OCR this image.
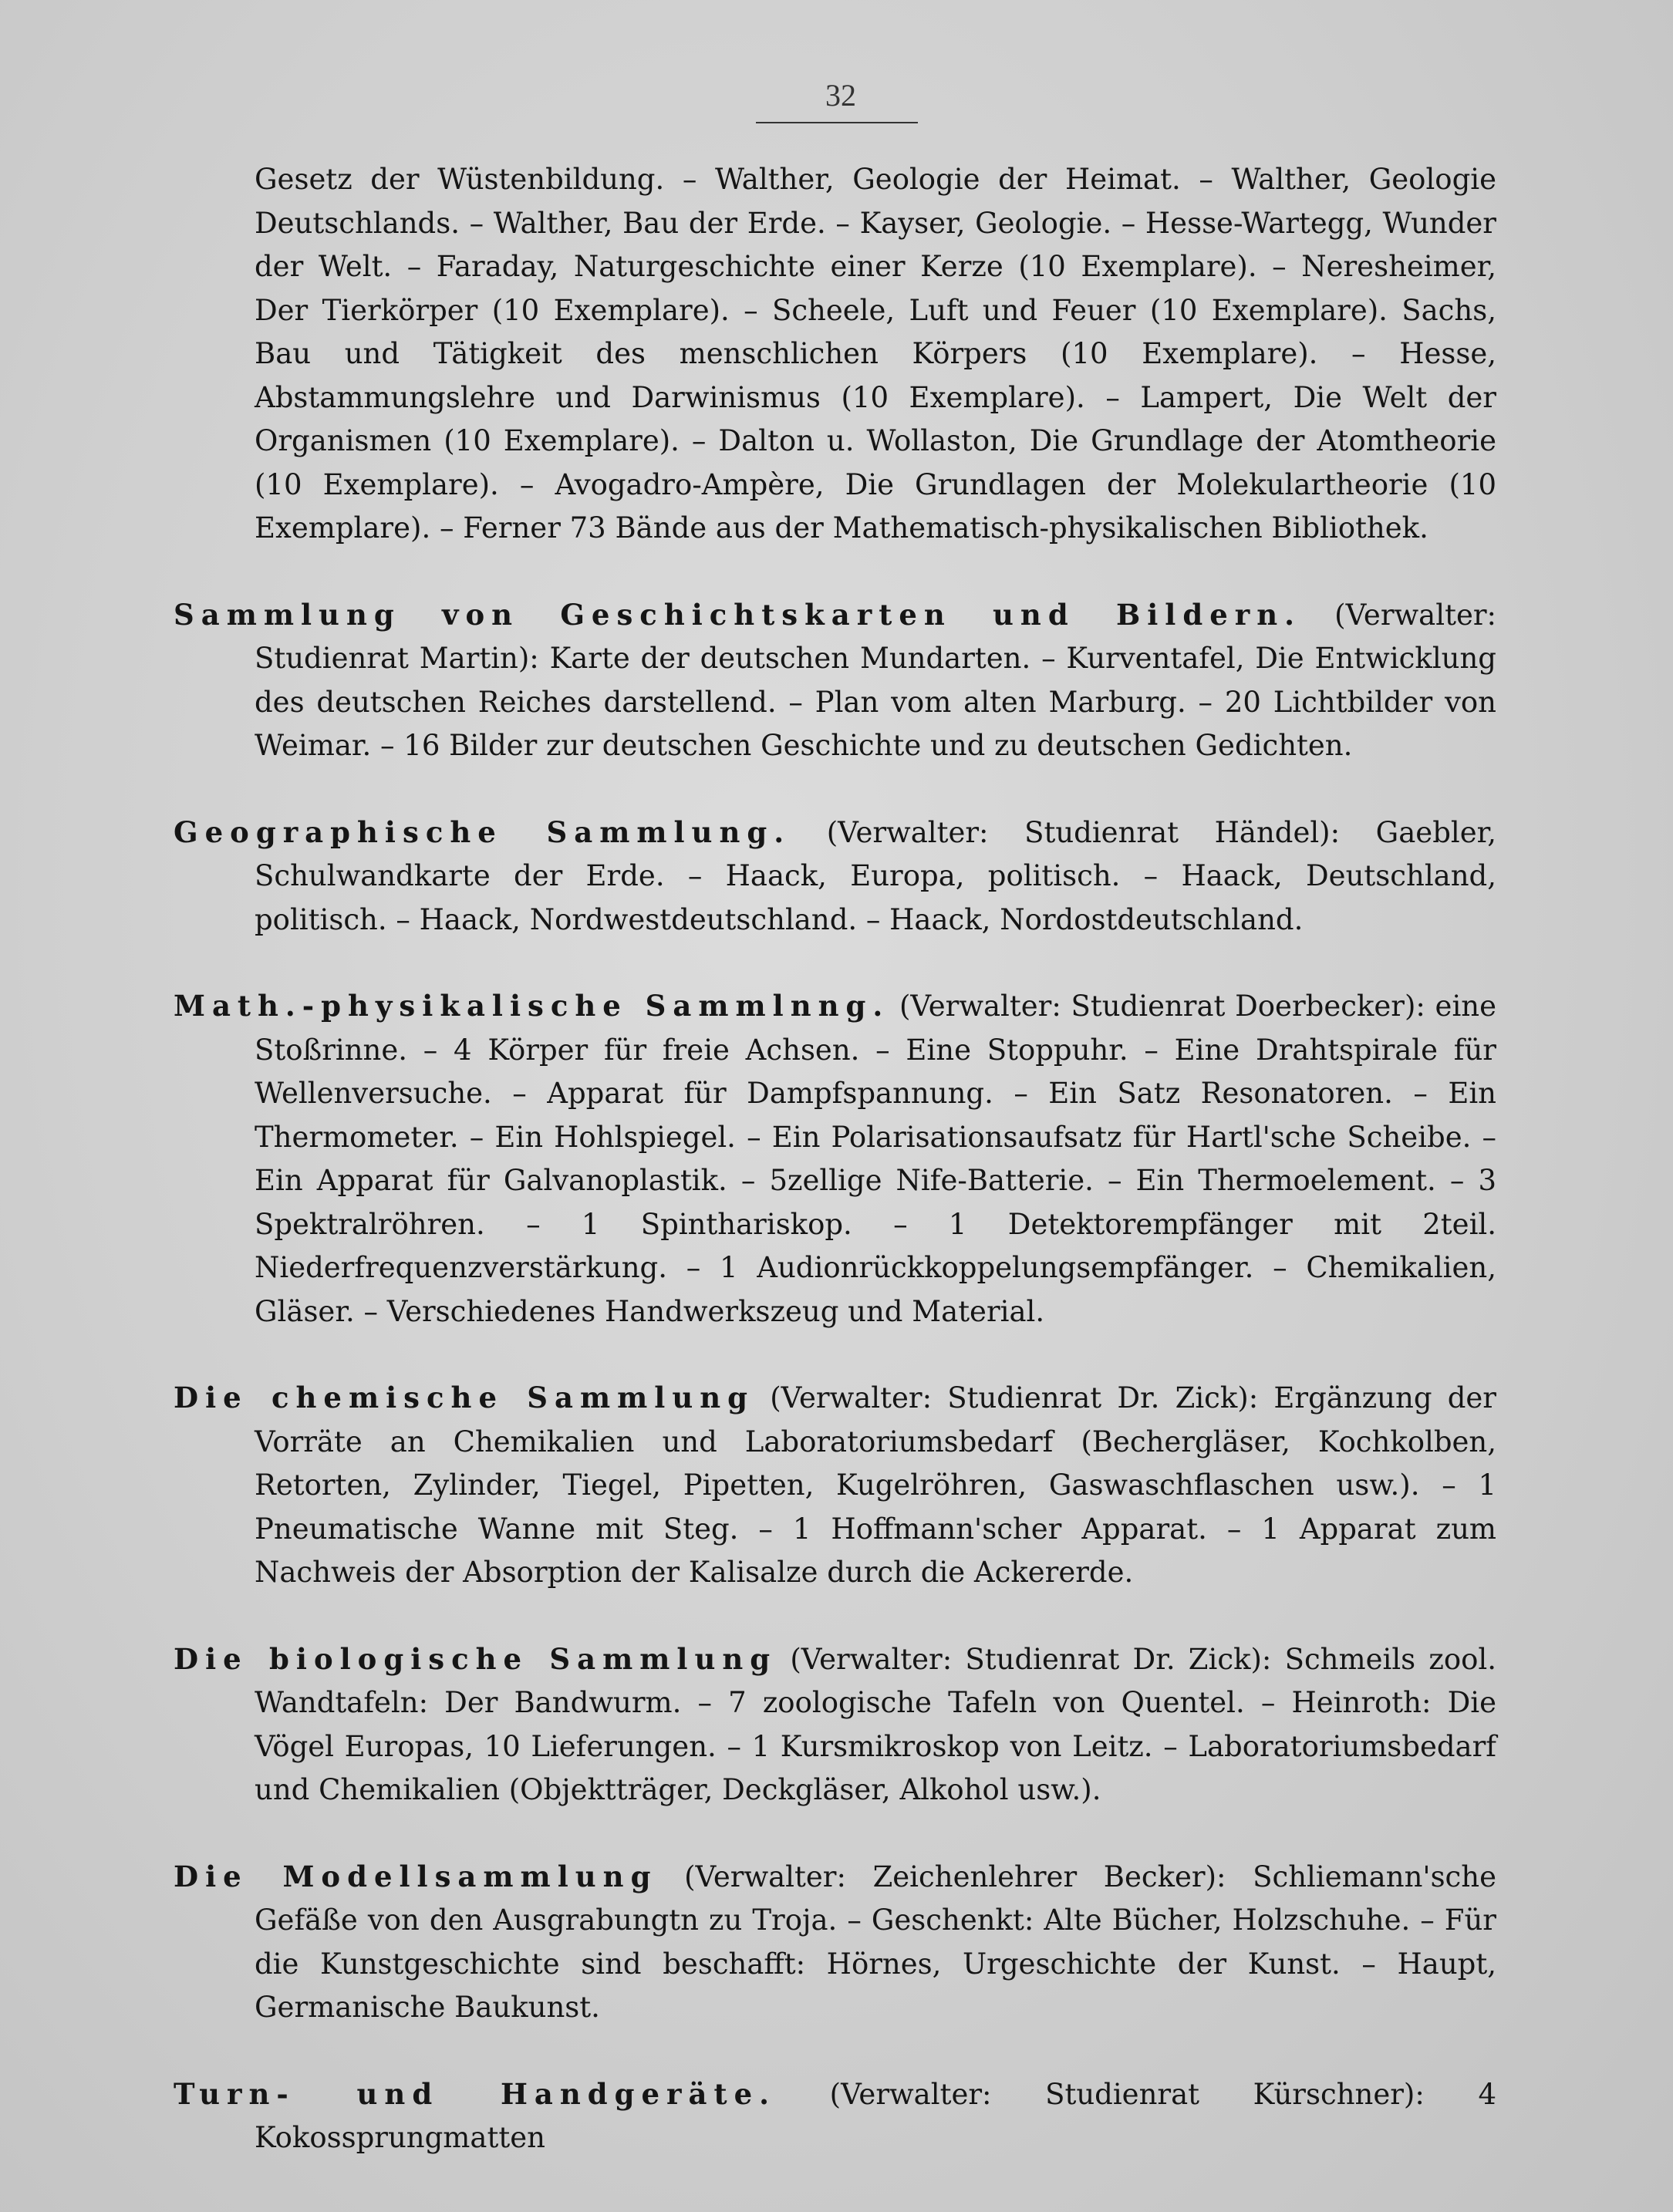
32

Gesetz der Wüstenbildung. – Walther, Geologie der Heimat. – Walther, Geologie Deutschlands. – Walther, Bau der Erde. – Kayser, Geologie. – Hesse-Wartegg, Wunder der Welt. – Faraday, Naturgeschichte einer Kerze (10 Exemplare). – Neresheimer, Der Tierkörper (10 Exemplare). – Scheele, Luft und Feuer (10 Exemplare). Sachs, Bau und Tätigkeit des menschlichen Körpers (10 Exemplare). – Hesse, Abstammungslehre und Darwinismus (10 Exemplare). – Lampert, Die Welt der Organismen (10 Exemplare). – Dalton u. Wollaston, Die Grundlage der Atomtheorie (10 Exemplare). – Avogadro-Ampère, Die Grundlagen der Molekulartheorie (10 Exemplare). – Ferner 73 Bände aus der Mathematisch-physikalischen Bibliothek.

Sammlung von Geschichtskarten und Bildern. (Verwalter: Studienrat Martin): Karte der deutschen Mundarten. – Kurventafel, Die Entwicklung des deutschen Reiches darstellend. – Plan vom alten Marburg. – 20 Lichtbilder von Weimar. – 16 Bilder zur deutschen Geschichte und zu deutschen Gedichten.

Geographische Sammlung. (Verwalter: Studienrat Händel): Gaebler, Schulwandkarte der Erde. – Haack, Europa, politisch. – Haack, Deutschland, politisch. – Haack, Nordwestdeutschland. – Haack, Nordostdeutschland.

Math.-physikalische Sammlnng. (Verwalter: Studienrat Doerbecker): eine Stoßrinne. – 4 Körper für freie Achsen. – Eine Stoppuhr. – Eine Drahtspirale für Wellenversuche. – Apparat für Dampfspannung. – Ein Satz Resonatoren. – Ein Thermometer. – Ein Hohlspiegel. – Ein Polarisationsaufsatz für Hartl'sche Scheibe. – Ein Apparat für Galvanoplastik. – 5zellige Nife-Batterie. – Ein Thermoelement. – 3 Spektralröhren. – 1 Spinthariskop. – 1 Detektorempfänger mit 2teil. Niederfrequenzverstärkung. – 1 Audionrückkoppelungsempfänger. – Chemikalien, Gläser. – Verschiedenes Handwerkszeug und Material.

Die chemische Sammlung (Verwalter: Studienrat Dr. Zick): Ergänzung der Vorräte an Chemikalien und Laboratoriumsbedarf (Bechergläser, Kochkolben, Retorten, Zylinder, Tiegel, Pipetten, Kugelröhren, Gaswaschflaschen usw.). – 1 Pneumatische Wanne mit Steg. – 1 Hoffmann'scher Apparat. – 1 Apparat zum Nachweis der Absorption der Kalisalze durch die Ackererde.

Die biologische Sammlung (Verwalter: Studienrat Dr. Zick): Schmeils zool. Wandtafeln: Der Bandwurm. – 7 zoologische Tafeln von Quentel. – Heinroth: Die Vögel Europas, 10 Lieferungen. – 1 Kursmikroskop von Leitz. – Laboratoriumsbedarf und Chemikalien (Objektträger, Deckgläser, Alkohol usw.).

Die Modellsammlung (Verwalter: Zeichenlehrer Becker): Schliemann'sche Gefäße von den Ausgrabungtn zu Troja. – Geschenkt: Alte Bücher, Holzschuhe. – Für die Kunstgeschichte sind beschafft: Hörnes, Urgeschichte der Kunst. – Haupt, Germanische Baukunst.

Turn- und Handgeräte. (Verwalter: Studienrat Kürschner): 4 Kokossprungmatten
